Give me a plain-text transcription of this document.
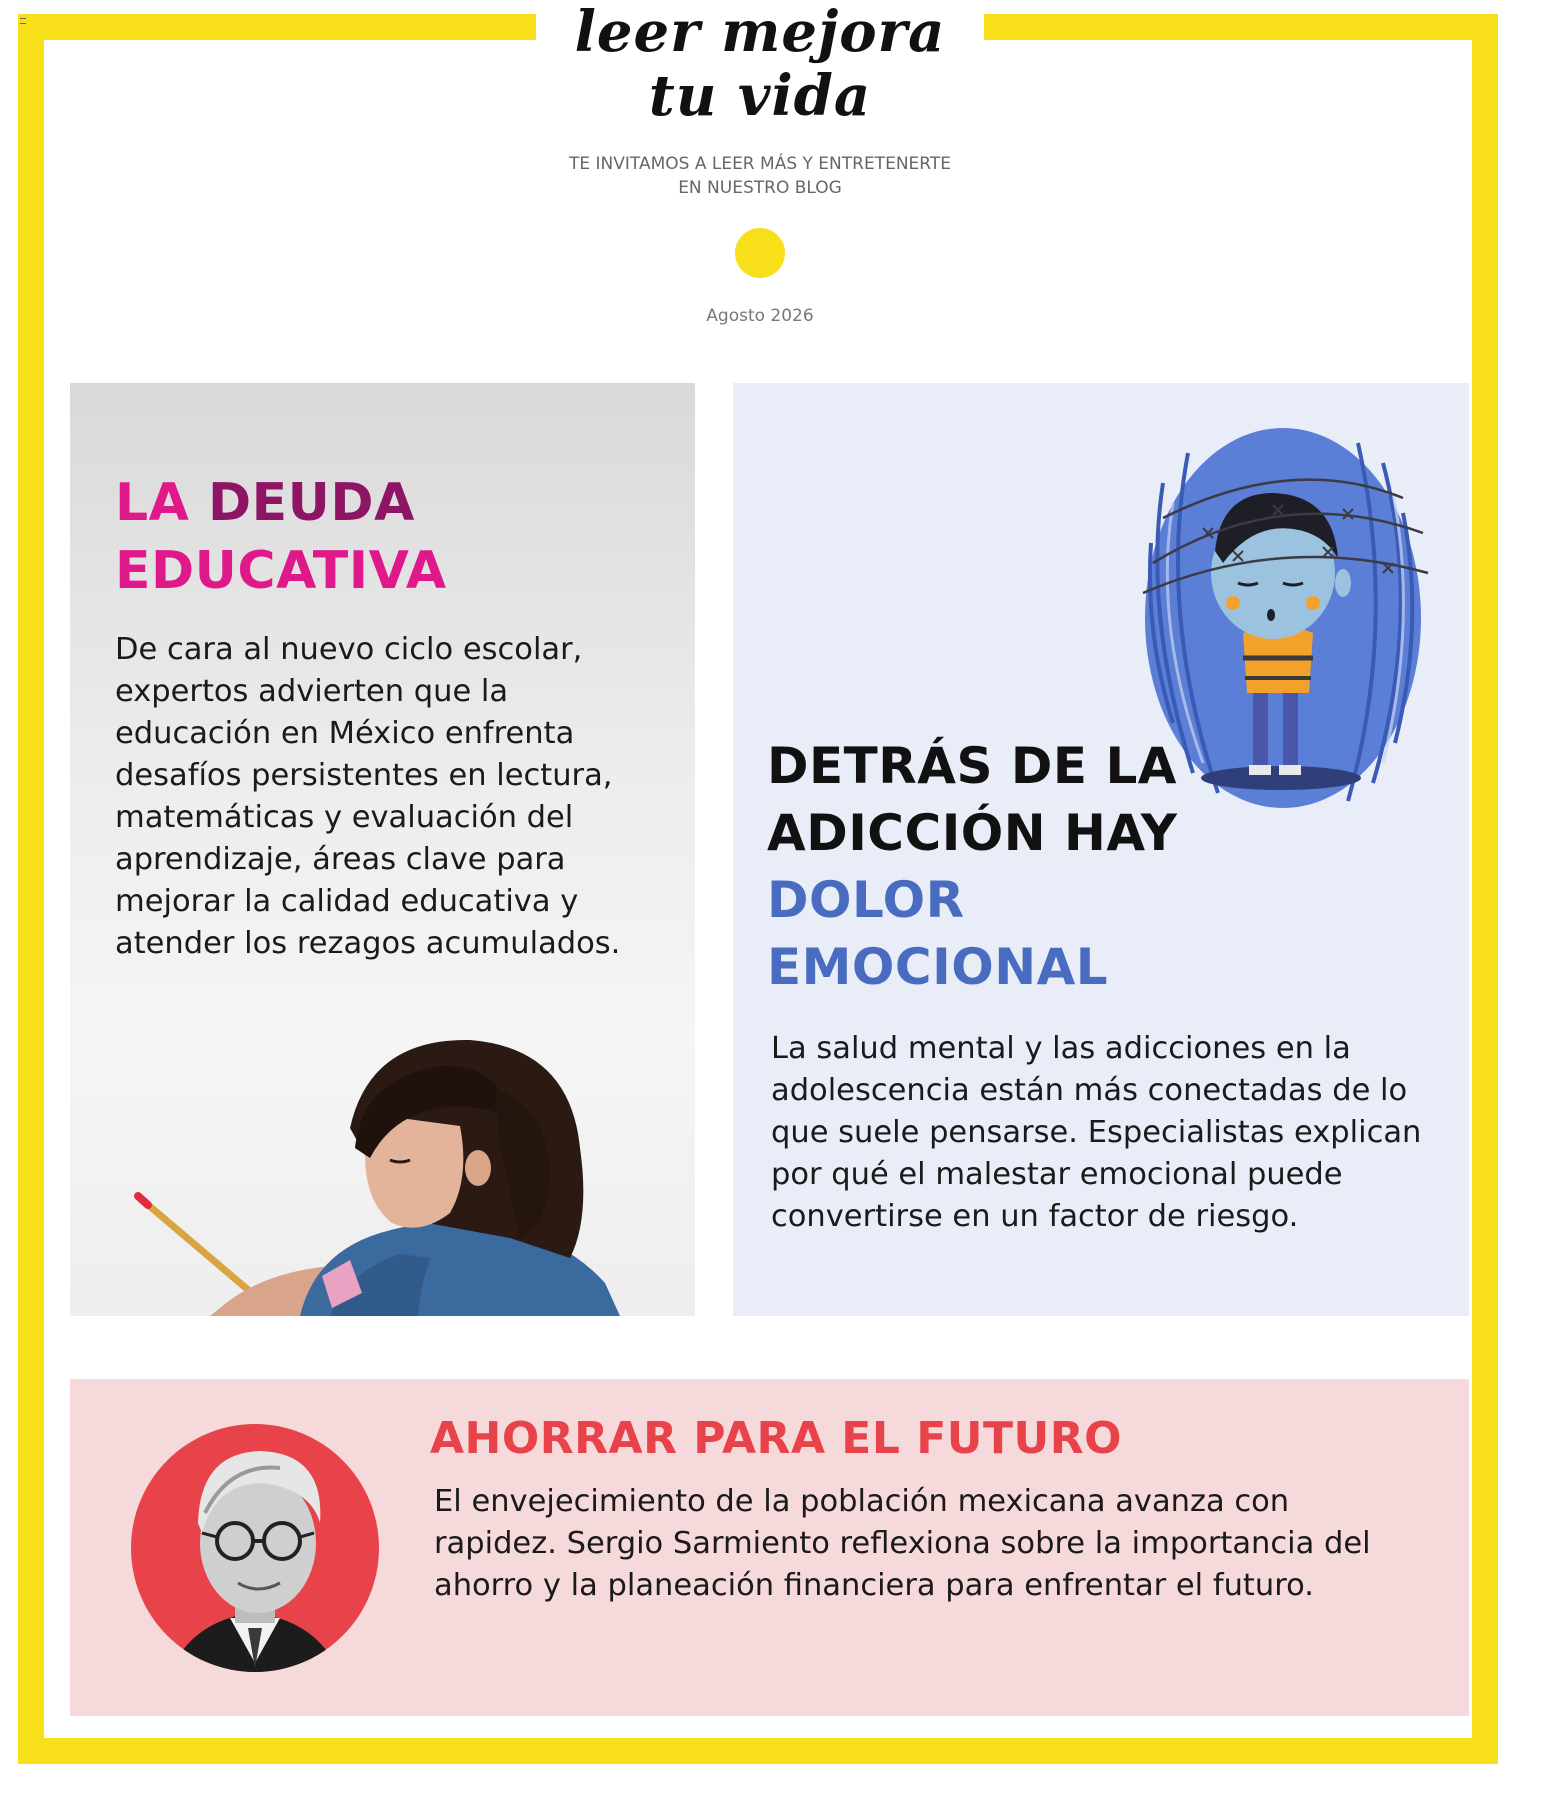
leer mejora
tu vida
TE INVITAMOS A LEER MÁS Y ENTRETENERTE
EN NUESTRO BLOG
Agosto 2026
LA DEUDA
EDUCATIVA

De cara al nuevo ciclo escolar, expertos advierten que la educación en México enfrenta desafíos persistentes en lectura, matemáticas y evaluación del aprendizaje, áreas clave para mejorar la calidad educativa y atender los rezagos acumulados.

DETRÁS DE LA ADICCIÓN HAY DOLOR EMOCIONAL

La salud mental y las adicciones en la adolescencia están más conectadas de lo que suele pensarse. Especialistas explican por qué el malestar emocional puede convertirse en un factor de riesgo.

AHORRAR PARA EL FUTURO

El envejecimiento de la población mexicana avanza con rapidez. Sergio Sarmiento reflexiona sobre la importancia del ahorro y la planeación financiera para enfrentar el futuro.
